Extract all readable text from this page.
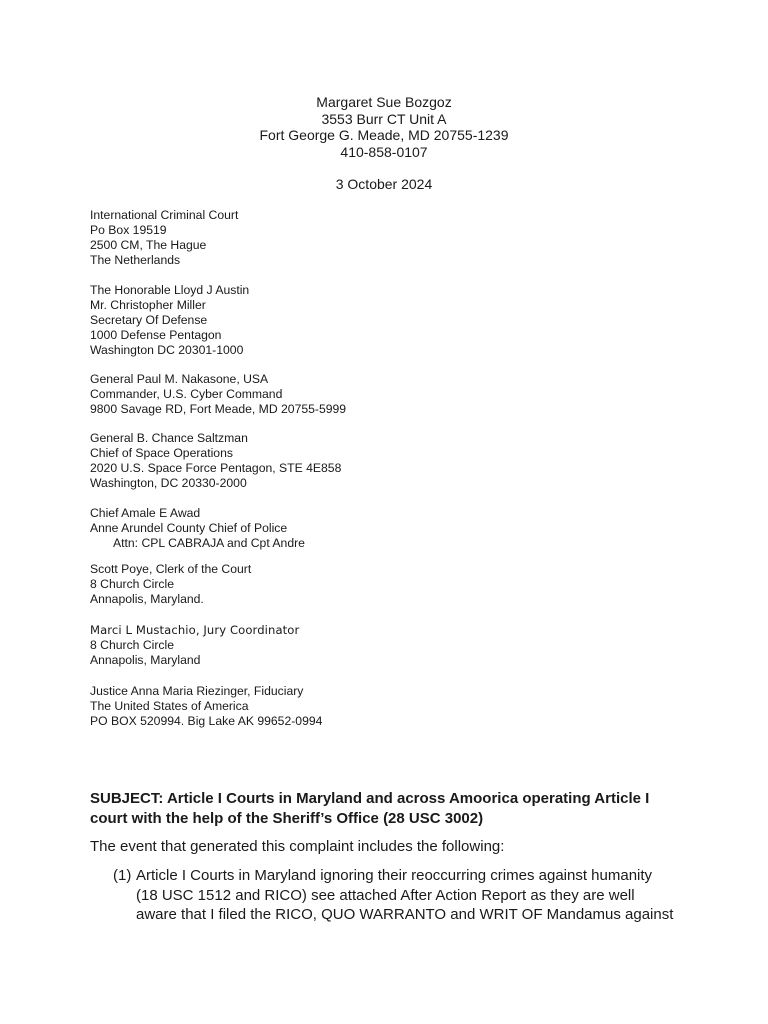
Margaret Sue Bozgoz
3553 Burr CT Unit A
Fort George G. Meade, MD 20755-1239
410-858-0107
3 October 2024
International Criminal Court
Po Box 19519
2500 CM, The Hague
The Netherlands
The Honorable Lloyd J Austin
Mr. Christopher Miller
Secretary Of Defense
1000 Defense Pentagon
Washington DC 20301-1000
General Paul M. Nakasone, USA
Commander, U.S. Cyber Command
9800 Savage RD, Fort Meade, MD 20755-5999
General B. Chance Saltzman
Chief of Space Operations
2020 U.S. Space Force Pentagon, STE 4E858
Washington, DC 20330-2000
Chief Amale E Awad
Anne Arundel County Chief of Police
Attn: CPL CABRAJA and Cpt Andre
Scott Poye, Clerk of the Court
8 Church Circle
Annapolis, Maryland.
Marci L Mustachio, Jury Coordinator
8 Church Circle
Annapolis, Maryland
Justice Anna Maria Riezinger, Fiduciary
The United States of America
PO BOX 520994. Big Lake AK 99652-0994
SUBJECT: Article I Courts in Maryland and across Amoorica operating Article I
court with the help of the Sheriff’s Office (28 USC 3002)
The event that generated this complaint includes the following:
(1) Article I Courts in Maryland ignoring their reoccurring crimes against humanity
(18 USC 1512 and RICO) see attached After Action Report as they are well
aware that I filed the RICO, QUO WARRANTO and WRIT OF Mandamus against
